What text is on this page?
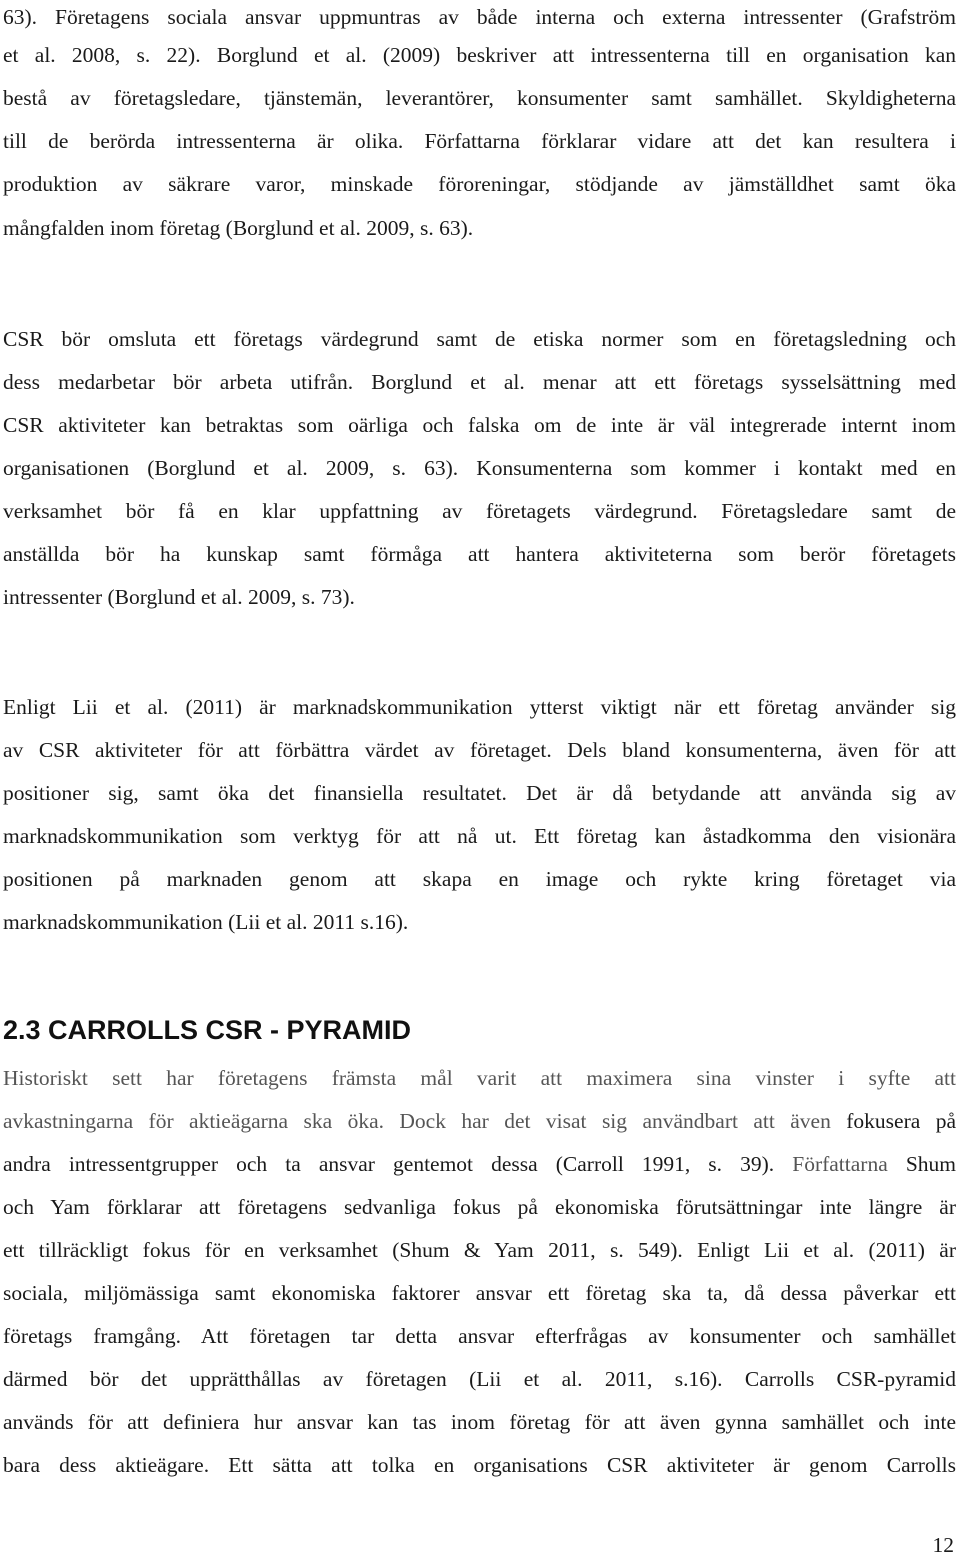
63). Företagens sociala ansvar uppmuntras av både interna och externa intressenter (Grafström
et al. 2008, s. 22). Borglund et al. (2009) beskriver att intressenterna till en organisation kan
bestå av företagsledare, tjänstemän, leverantörer, konsumenter samt samhället. Skyldigheterna
till de berörda intressenterna är olika. Författarna förklarar vidare att det kan resultera i
produktion av säkrare varor, minskade föroreningar, stödjande av jämställdhet samt öka
mångfalden inom företag (Borglund et al. 2009, s. 63).
CSR bör omsluta ett företags värdegrund samt de etiska normer som en företagsledning och
dess medarbetar bör arbeta utifrån. Borglund et al. menar att ett företags sysselsättning med
CSR aktiviteter kan betraktas som oärliga och falska om de inte är väl integrerade internt inom
organisationen (Borglund et al. 2009, s. 63). Konsumenterna som kommer i kontakt med en
verksamhet bör få en klar uppfattning av företagets värdegrund. Företagsledare samt de
anställda bör ha kunskap samt förmåga att hantera aktiviteterna som berör företagets
intressenter (Borglund et al. 2009, s. 73).
Enligt Lii et al. (2011) är marknadskommunikation ytterst viktigt när ett företag använder sig
av CSR aktiviteter för att förbättra värdet av företaget. Dels bland konsumenterna, även för att
positioner sig, samt öka det finansiella resultatet. Det är då betydande att använda sig av
marknadskommunikation som verktyg för att nå ut. Ett företag kan åstadkomma den visionära
positionen på marknaden genom att skapa en image och rykte kring företaget via
marknadskommunikation (Lii et al. 2011 s.16).
2.3 CARROLLS CSR - PYRAMID
Historiskt sett har företagens främsta mål varit att maximera sina vinster i syfte att
avkastningarna för aktieägarna ska öka. Dock har det visat sig användbart att även fokusera på
andra intressentgrupper och ta ansvar gentemot dessa (Carroll 1991, s. 39). Författarna Shum
och Yam förklarar att företagens sedvanliga fokus på ekonomiska förutsättningar inte längre är
ett tillräckligt fokus för en verksamhet (Shum & Yam 2011, s. 549). Enligt Lii et al. (2011) är
sociala, miljömässiga samt ekonomiska faktorer ansvar ett företag ska ta, då dessa påverkar ett
företags framgång. Att företagen tar detta ansvar efterfrågas av konsumenter och samhället
därmed bör det upprätthållas av företagen (Lii et al. 2011, s.16). Carrolls CSR-pyramid
används för att definiera hur ansvar kan tas inom företag för att även gynna samhället och inte
bara dess aktieägare. Ett sätta att tolka en organisations CSR aktiviteter är genom Carrolls
12
